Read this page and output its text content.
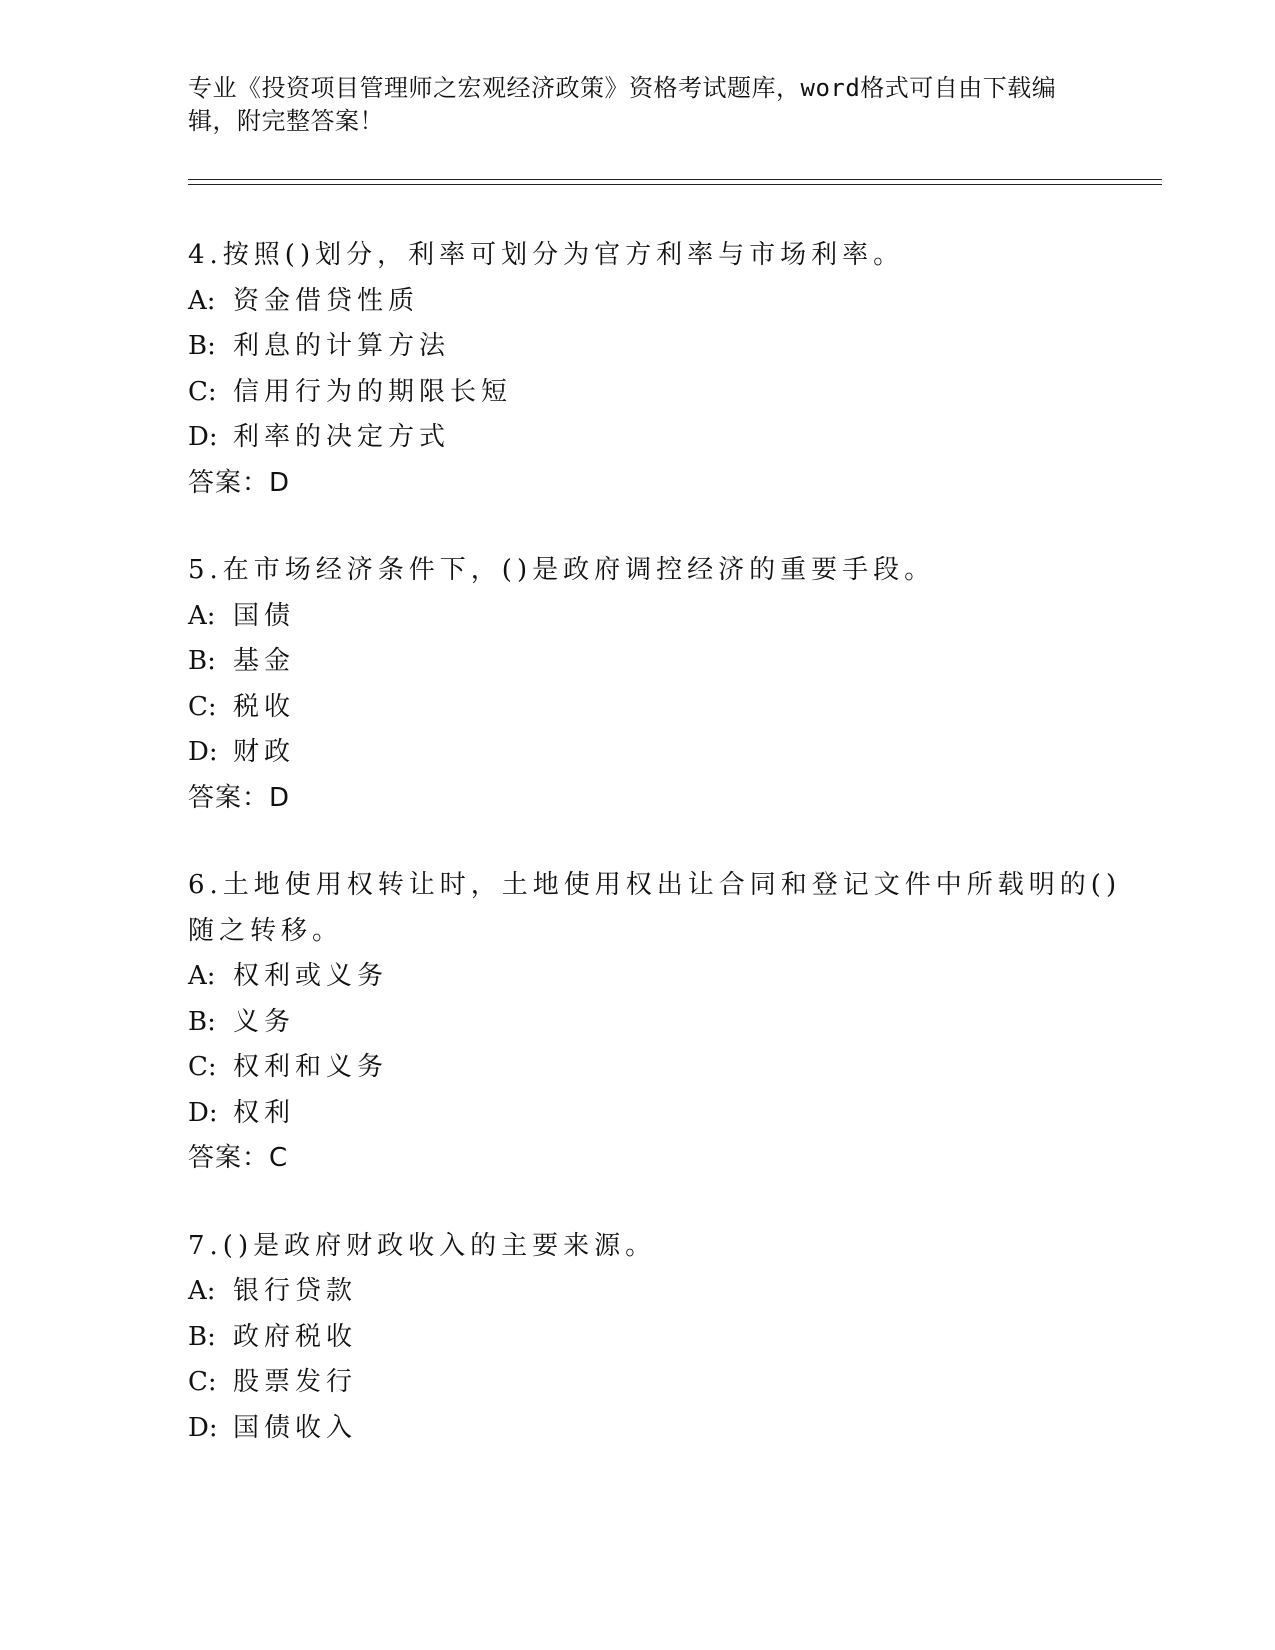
专业《投资项目管理师之宏观经济政策》资格考试题库，word格式可自由下载编辑，附完整答案！

4.按照()划分，利率可划分为官方利率与市场利率。

A: 资金借贷性质

B: 利息的计算方法

C: 信用行为的期限长短

D: 利率的决定方式

答案：D

5.在市场经济条件下，()是政府调控经济的重要手段。

A: 国债

B: 基金

C: 税收

D: 财政

答案：D

6.土地使用权转让时，土地使用权出让合同和登记文件中所载明的()随之转移。

A: 权利或义务

B: 义务

C: 权利和义务

D: 权利

答案：C

7.()是政府财政收入的主要来源。

A: 银行贷款

B: 政府税收

C: 股票发行

D: 国债收入
